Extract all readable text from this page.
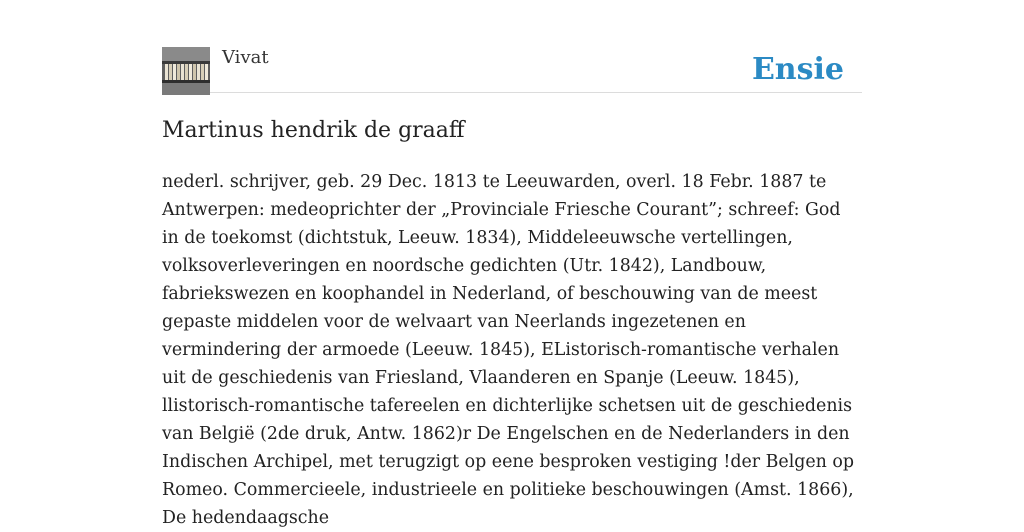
Vivat	Ensie
Martinus hendrik de graaff

nederl. schrijver, geb. 29 Dec. 1813 te Leeuwarden, overl. 18 Febr. 1887 te Antwerpen: medeoprichter der „Provinciale Friesche Courant”; schreef: God in de toekomst (dichtstuk, Leeuw. 1834), Middeleeuwsche vertellingen, volksoverleveringen en noordsche gedichten (Utr. 1842), Landbouw, fabriekswezen en koophandel in Nederland, of beschouwing van de meest gepaste middelen voor de welvaart van Neerlands ingezetenen en vermindering der armoede (Leeuw. 1845), EListorisch-romantische verhalen uit de geschiedenis van Friesland, Vlaanderen en Spanje (Leeuw. 1845), llistorisch-romantische tafereelen en dichterlijke schetsen uit de geschiedenis van België (2de druk, Antw. 1862)r De Engelschen en de Nederlanders in den Indischen Archipel, met terugzigt op eene besproken vestiging !der Belgen op Romeo. Commercieele, industrieele en politieke beschouwingen (Amst. 1866), De hedendaagsche
